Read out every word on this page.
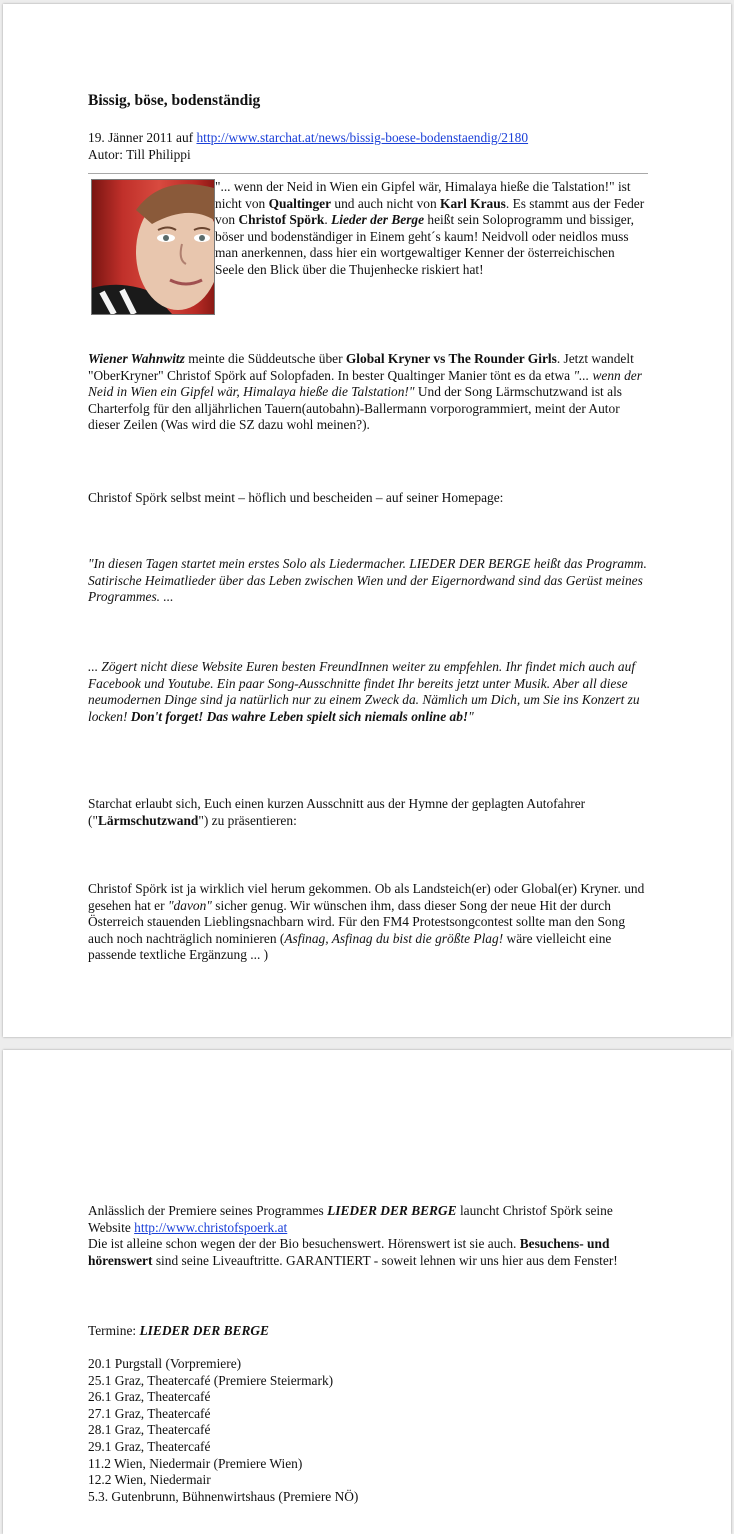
Bissig, böse, bodenständig

19. Jänner 2011 auf http://www.starchat.at/news/bissig-boese-bodenstaendig/2180
Autor: Till Philippi

"... wenn der Neid in Wien ein Gipfel wär, Himalaya hieße die Talstation!" ist nicht von Qualtinger und auch nicht von Karl Kraus. Es stammt aus der Feder von Christof Spörk. Lieder der Berge heißt sein Soloprogramm und bissiger, böser und bodenständiger in Einem geht´s kaum! Neidvoll oder neidlos muss man anerkennen, dass hier ein wortgewaltiger Kenner der österreichischen Seele den Blick über die Thujenhecke riskiert hat!

Wiener Wahnwitz meinte die Süddeutsche über Global Kryner vs The Rounder Girls. Jetzt wandelt "OberKryner" Christof Spörk auf Solopfaden. In bester Qualtinger Manier tönt es da etwa "... wenn der Neid in Wien ein Gipfel wär, Himalaya hieße die Talstation!" Und der Song Lärmschutzwand ist als Charterfolg für den alljährlichen Tauern(autobahn)-Ballermann vorporogrammiert, meint der Autor dieser Zeilen (Was wird die SZ dazu wohl meinen?).

Christof Spörk selbst meint – höflich und bescheiden – auf seiner Homepage:

"In diesen Tagen startet mein erstes Solo als Liedermacher. LIEDER DER BERGE heißt das Programm. Satirische Heimatlieder über das Leben zwischen Wien und der Eigernordwand sind das Gerüst meines Programmes. ...

... Zögert nicht diese Website Euren besten FreundInnen weiter zu empfehlen. Ihr findet mich auch auf Facebook und Youtube. Ein paar Song-Ausschnitte findet Ihr bereits jetzt unter Musik. Aber all diese neumodernen Dinge sind ja natürlich nur zu einem Zweck da. Nämlich um Dich, um Sie ins Konzert zu locken! Don't forget! Das wahre Leben spielt sich niemals online ab!"

Starchat erlaubt sich, Euch einen kurzen Ausschnitt aus der Hymne der geplagten Autofahrer ("Lärmschutzwand") zu präsentieren:

Christof Spörk ist ja wirklich viel herum gekommen. Ob als Landsteich(er) oder Global(er) Kryner. und gesehen hat er "davon" sicher genug. Wir wünschen ihm, dass dieser Song der neue Hit der durch Österreich stauenden Lieblingsnachbarn wird. Für den FM4 Protestsongcontest sollte man den Song auch noch nachträglich nominieren (Asfinag, Asfinag du bist die größte Plag! wäre vielleicht eine passende textliche Ergänzung ... )

Anlässlich der Premiere seines Programmes LIEDER DER BERGE launcht Christof Spörk seine Website http://www.christofspoerk.at
Die ist alleine schon wegen der der Bio besuchenswert. Hörenswert ist sie auch. Besuchens- und hörenswert sind seine Liveauftritte. GARANTIERT - soweit lehnen wir uns hier aus dem Fenster!

Termine: LIEDER DER BERGE

20.1 Purgstall (Vorpremiere)
25.1 Graz, Theatercafé (Premiere Steiermark)
26.1 Graz, Theatercafé
27.1 Graz, Theatercafé
28.1 Graz, Theatercafé
29.1 Graz, Theatercafé
11.2 Wien, Niedermair (Premiere Wien)
12.2 Wien, Niedermair
5.3. Gutenbrunn, Bühnenwirtshaus (Premiere NÖ)
